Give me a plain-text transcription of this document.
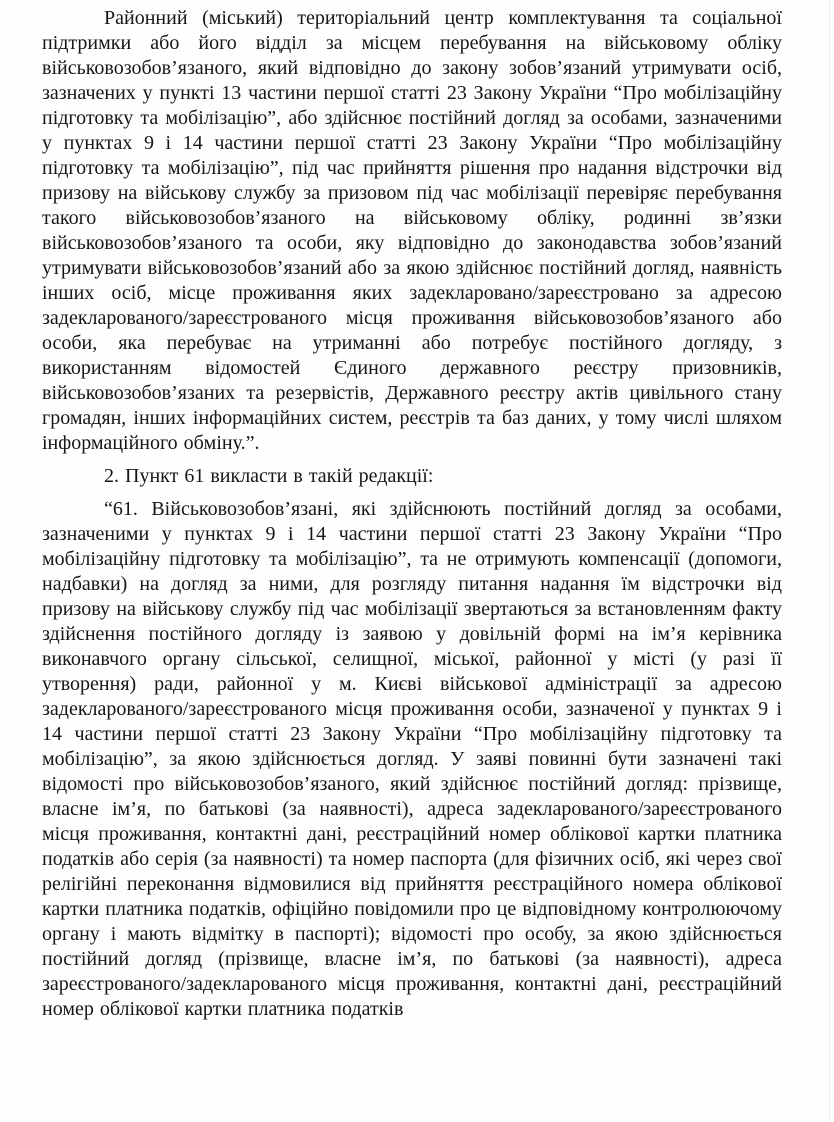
Районний (міський) територіальний центр комплектування та соціальної підтримки або його відділ за місцем перебування на військовому обліку військовозобов’язаного, який відповідно до закону зобов’язаний утримувати осіб, зазначених у пункті 13 частини першої статті 23 Закону України “Про мобілізаційну підготовку та мобілізацію”, або здійснює постійний догляд за особами, зазначеними у пунктах 9 і 14 частини першої статті 23 Закону України “Про мобілізаційну підготовку та мобілізацію”, під час прийняття рішення про надання відстрочки від призову на військову службу за призовом під час мобілізації перевіряє перебування такого військовозобов’язаного на військовому обліку, родинні зв’язки військовозобов’язаного та особи, яку відповідно до законодавства зобов’язаний утримувати військовозобов’язаний або за якою здійснює постійний догляд, наявність інших осіб, місце проживання яких задекларовано/зареєстровано за адресою задекларованого/зареєстрованого місця проживання військовозобов’язаного або особи, яка перебуває на утриманні або потребує постійного догляду, з використанням відомостей Єдиного державного реєстру призовників, військовозобов’язаних та резервістів, Державного реєстру актів цивільного стану громадян, інших інформаційних систем, реєстрів та баз даних, у тому числі шляхом інформаційного обміну.”.

2. Пункт 61 викласти в такій редакції:

“61. Військовозобов’язані, які здійснюють постійний догляд за особами, зазначеними у пунктах 9 і 14 частини першої статті 23 Закону України “Про мобілізаційну підготовку та мобілізацію”, та не отримують компенсації (допомоги, надбавки) на догляд за ними, для розгляду питання надання їм відстрочки від призову на військову службу під час мобілізації звертаються за встановленням факту здійснення постійного догляду із заявою у довільній формі на ім’я керівника виконавчого органу сільської, селищної, міської, районної у місті (у разі її утворення) ради, районної у м. Києві військової адміністрації за адресою задекларованого/зареєстрованого місця проживання особи, зазначеної у пунктах 9 і 14 частини першої статті 23 Закону України “Про мобілізаційну підготовку та мобілізацію”, за якою здійснюється догляд. У заяві повинні бути зазначені такі відомості про військовозобов’язаного, який здійснює постійний догляд: прізвище, власне ім’я, по батькові (за наявності), адреса задекларованого/зареєстрованого місця проживання, контактні дані, реєстраційний номер облікової картки платника податків або серія (за наявності) та номер паспорта (для фізичних осіб, які через свої релігійні переконання відмовилися від прийняття реєстраційного номера облікової картки платника податків, офіційно повідомили про це відповідному контролюючому органу і мають відмітку в паспорті); відомості про особу, за якою здійснюється постійний догляд (прізвище, власне ім’я, по батькові (за наявності), адреса зареєстрованого/задекларованого місця проживання, контактні дані, реєстраційний номер облікової картки платника податків
